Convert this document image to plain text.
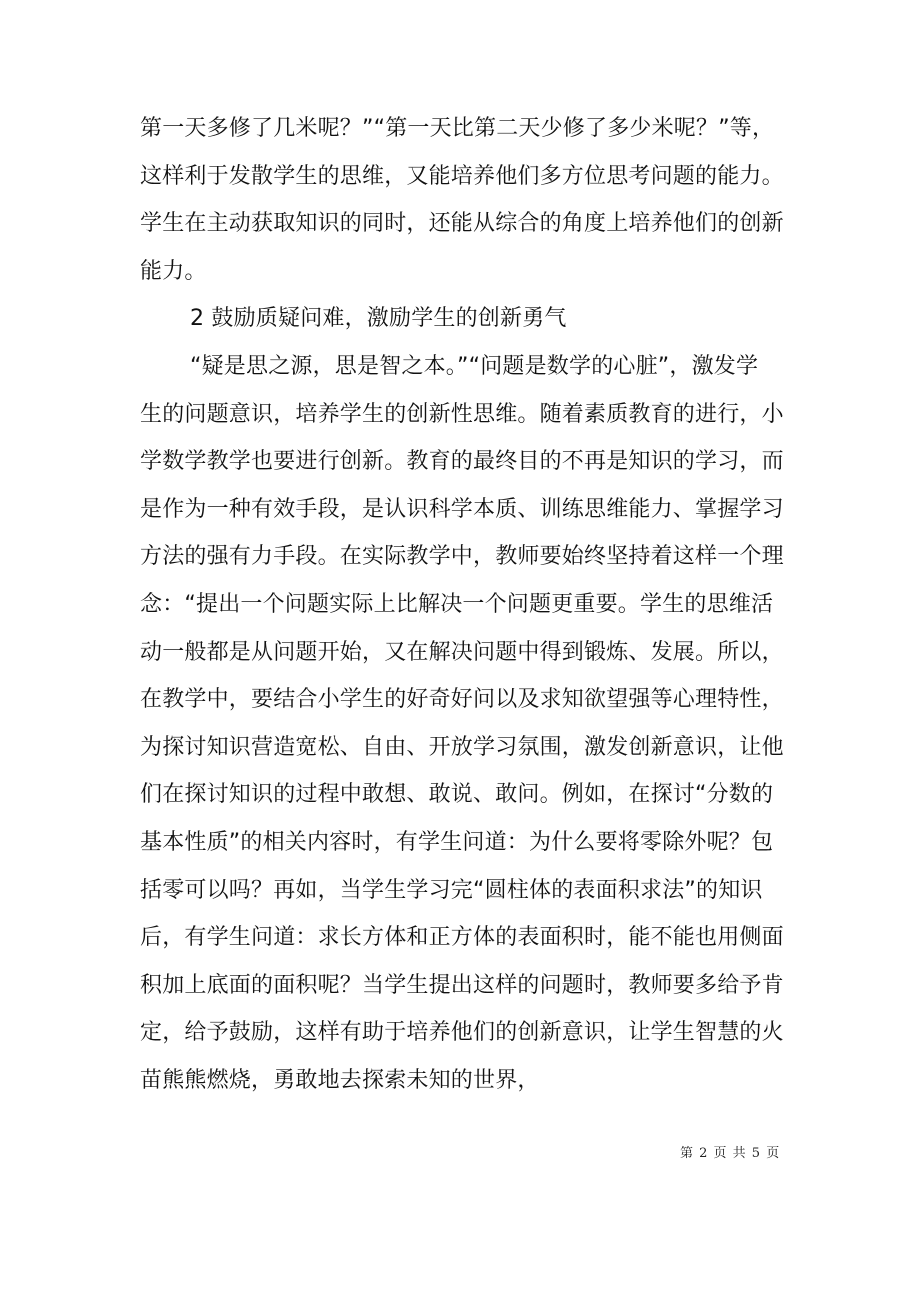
第一天多修了几米呢？”“第一天比第二天少修了多少米呢？”等，
这样利于发散学生的思维，又能培养他们多方位思考问题的能力。
学生在主动获取知识的同时，还能从综合的角度上培养他们的创新
能力。
2 鼓励质疑问难，激励学生的创新勇气
“疑是思之源，思是智之本。”“问题是数学的心脏”，激发学
生的问题意识，培养学生的创新性思维。随着素质教育的进行，小
学数学教学也要进行创新。教育的最终目的不再是知识的学习，而
是作为一种有效手段，是认识科学本质、训练思维能力、掌握学习
方法的强有力手段。在实际教学中，教师要始终坚持着这样一个理
念：“提出一个问题实际上比解决一个问题更重要。学生的思维活
动一般都是从问题开始，又在解决问题中得到锻炼、发展。所以，
在教学中，要结合小学生的好奇好问以及求知欲望强等心理特性，
为探讨知识营造宽松、自由、开放学习氛围，激发创新意识，让他
们在探讨知识的过程中敢想、敢说、敢问。例如，在探讨“分数的
基本性质”的相关内容时，有学生问道：为什么要将零除外呢？包
括零可以吗？再如，当学生学习完“圆柱体的表面积求法”的知识
后，有学生问道：求长方体和正方体的表面积时，能不能也用侧面
积加上底面的面积呢？当学生提出这样的问题时，教师要多给予肯
定，给予鼓励，这样有助于培养他们的创新意识，让学生智慧的火
苗熊熊燃烧，勇敢地去探索未知的世界，
第 2 页 共 5 页
